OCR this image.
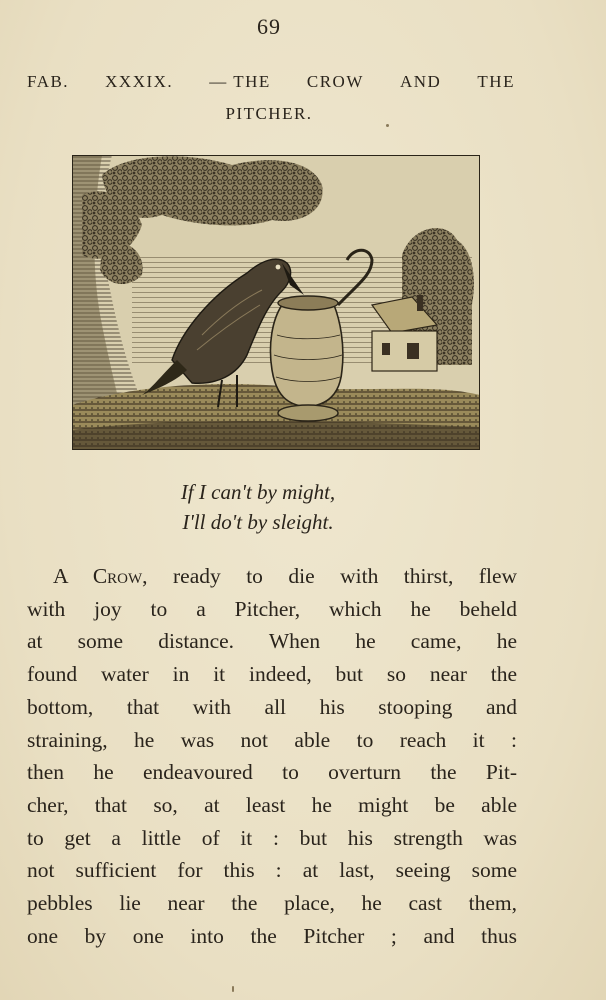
69
FAB. XXXIX. — THE CROW AND THE
PITCHER.
If I can't by might,
I'll do't by sleight.
A Crow, ready to die with thirst, flew
with joy to a Pitcher, which he beheld
at some distance. When he came, he
found water in it indeed, but so near the
bottom, that with all his stooping and
straining, he was not able to reach it :
then he endeavoured to overturn the Pit-
cher, that so, at least he might be able
to get a little of it : but his strength was
not sufficient for this : at last, seeing some
pebbles lie near the place, he cast them,
one by one into the Pitcher ; and thus
